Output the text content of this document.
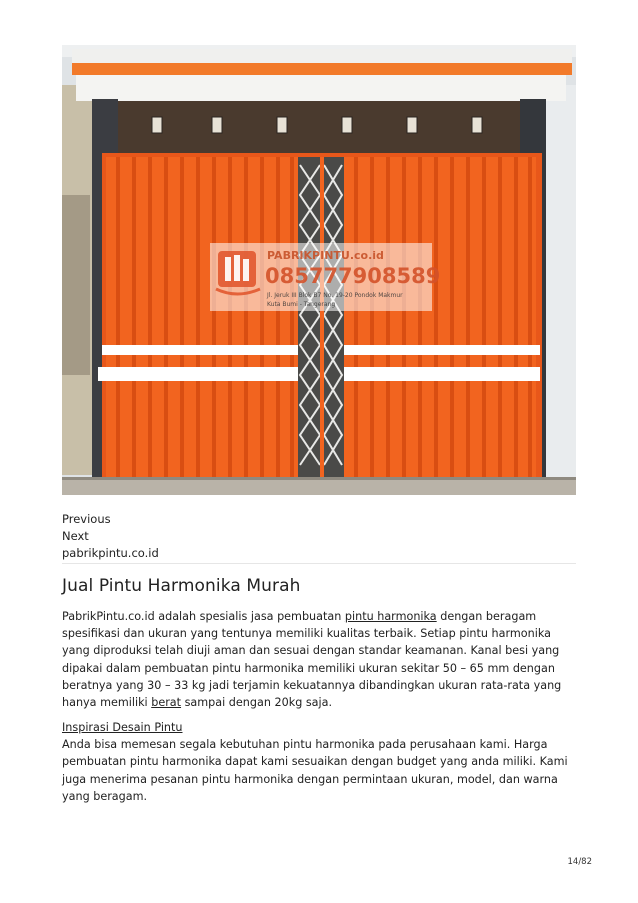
PABRIKPINTU.co.id
085777908589
Jl. Jeruk III Blok B7 No. 19-20 Pondok Makmur
Kuta Bumi - Tangerang
Previous
Next
pabrikpintu.co.id
Jual Pintu Harmonika Murah

PabrikPintu.co.id adalah spesialis jasa pembuatan pintu harmonika dengan beragam spesifikasi dan ukuran yang tentunya memiliki kualitas terbaik. Setiap pintu harmonika yang diproduksi telah diuji aman dan sesuai dengan standar keamanan. Kanal besi yang dipakai dalam pembuatan pintu harmonika memiliki ukuran sekitar 50 – 65 mm dengan beratnya yang 30 – 33 kg jadi terjamin kekuatannya dibandingkan ukuran rata-rata yang hanya memiliki berat sampai dengan 20kg saja.

Inspirasi Desain Pintu
Anda bisa memesan segala kebutuhan pintu harmonika pada perusahaan kami. Harga pembuatan pintu harmonika dapat kami sesuaikan dengan budget yang anda miliki. Kami juga menerima pesanan pintu harmonika dengan permintaan ukuran, model, dan warna yang beragam.

14/82
